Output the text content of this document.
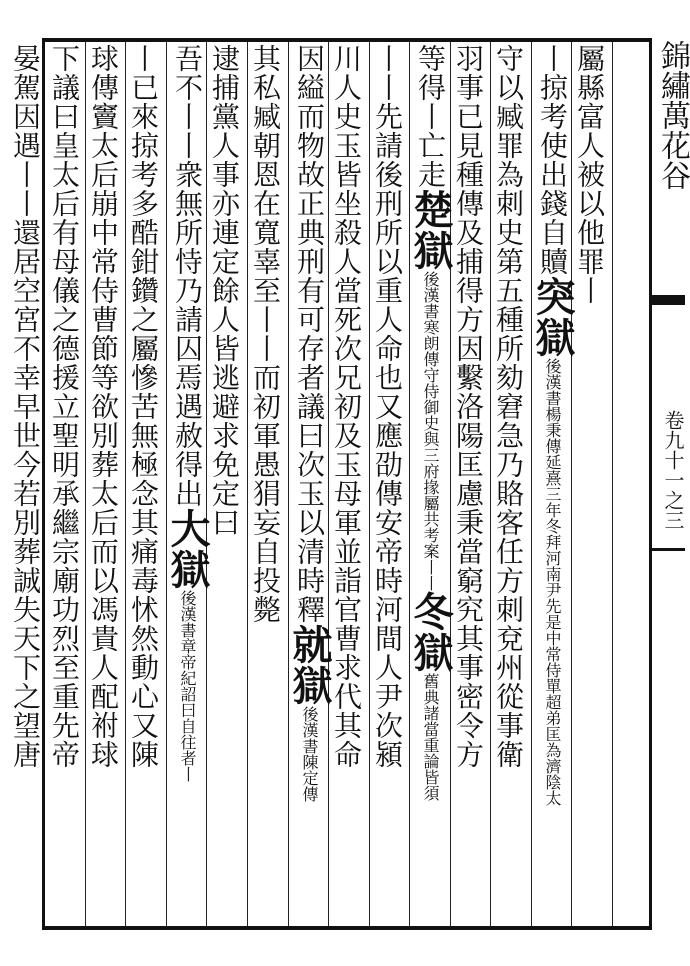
屬縣富人被以他罪丨
丨掠考使出錢自贖突獄後漢書楊秉傳延熹三年冬拜河南尹先是中常侍單超弟匡為濟陰太
守以臧罪為刺史第五種所劾窘急乃賂客任方刺兗州從事衛
羽事已見種傳及捕得方因繫洛陽匡慮秉當窮究其事密令方
等得丨亡走楚獄後漢書寒朗傳守侍御史與三府掾屬共考案丨丨冬獄舊典諸當重論皆須
丨丨先請後刑所以重人命也又應劭傳安帝時河間人尹次潁
川人史玉皆坐殺人當死次兄初及玉母軍並詣官曹求代其命
因縊而物故正典刑有可存者議曰次玉以清時釋就獄後漢書陳定傳
其私臧朝恩在寬辜至丨丨而初軍愚狷妄自投斃
逮捕黨人事亦連定餘人皆逃避求免定曰
吾不丨丨衆無所恃乃請囚焉遇赦得出大獄後漢書章帝紀詔曰自往者丨
丨已來掠考多酷鉗鑽之屬慘苦無極念其痛毒怵然動心又陳
球傳竇太后崩中常侍曹節等欲別葬太后而以馮貴人配祔球
下議曰皇太后有母儀之德援立聖明承繼宗廟功烈至重先帝
晏駕因遇丨丨還居空宮不幸早世今若別葬誠失天下之望唐	錦繡萬花谷
卷九十一之三
